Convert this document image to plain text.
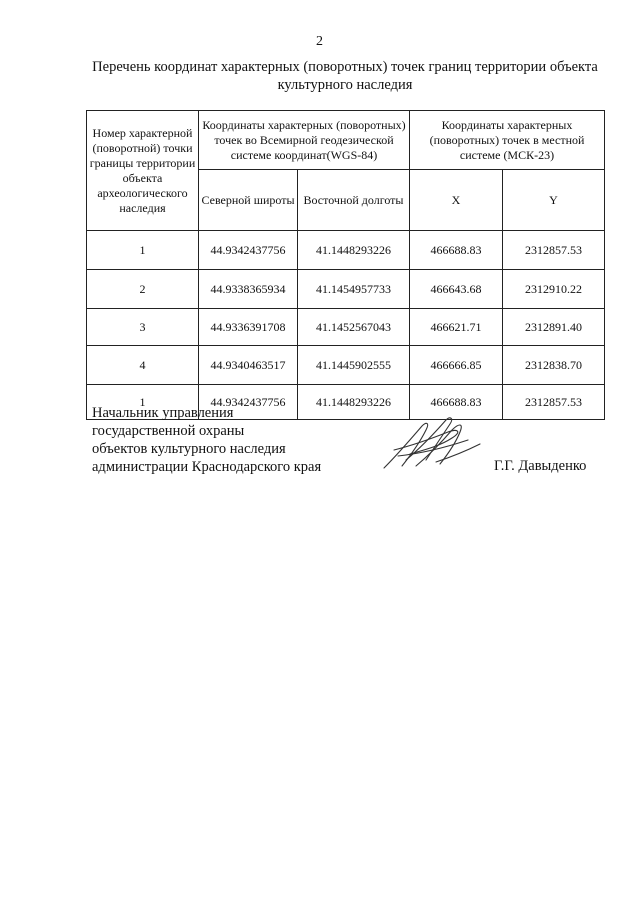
2
Перечень координат характерных (поворотных) точек границ территории объекта культурного наследия
Номер характерной (поворотной) точки границы территории объекта археологического наследия	Координаты характерных (поворотных) точек во Всемирной геодезической системе координат(WGS-84)		Координаты характерных (поворотных) точек в местной системе (МСК-23)	
	Северной широты	Восточной долготы	X	Y
1	44.9342437756	41.1448293226	466688.83	2312857.53
2	44.9338365934	41.1454957733	466643.68	2312910.22
3	44.9336391708	41.1452567043	466621.71	2312891.40
4	44.9340463517	41.1445902555	466666.85	2312838.70
1	44.9342437756	41.1448293226	466688.83	2312857.53
Начальник управления
государственной охраны
объектов культурного наследия
администрации Краснодарского края	Г.Г. Давыденко
